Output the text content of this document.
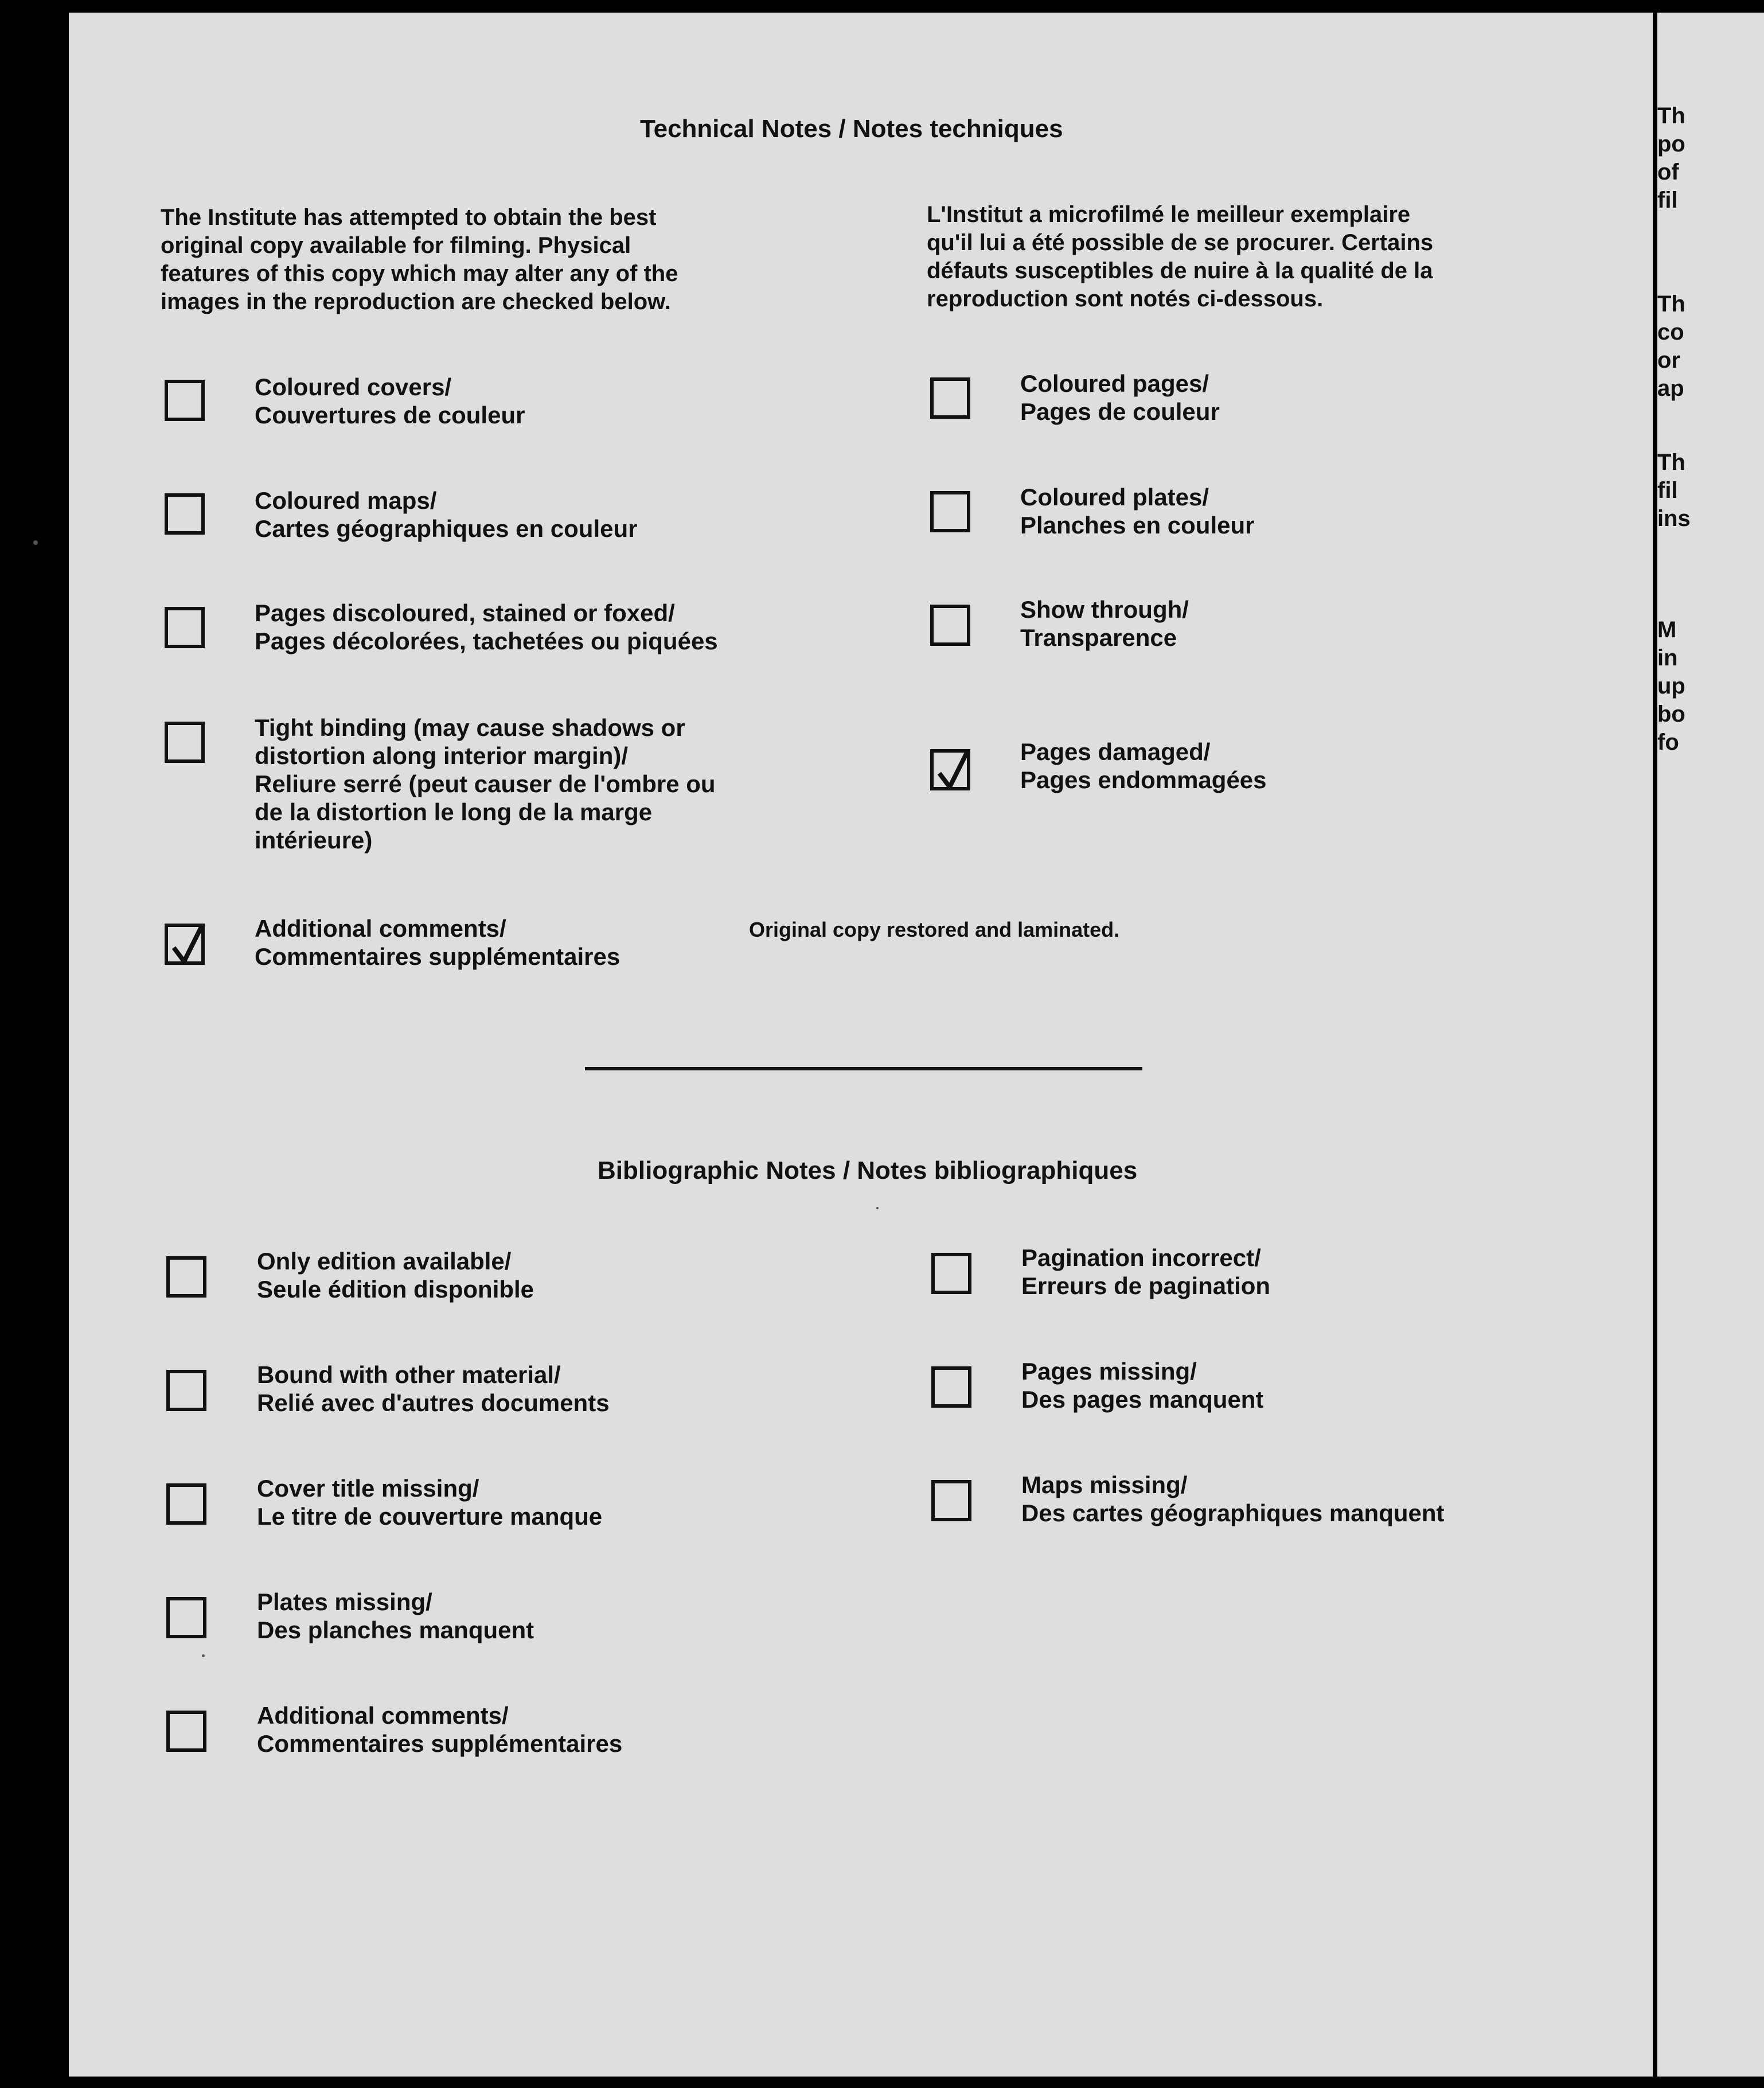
Technical Notes / Notes techniques
The Institute has attempted to obtain the best
original copy available for filming. Physical
features of this copy which may alter any of the
images in the reproduction are checked below.
L'Institut a microfilmé le meilleur exemplaire
qu'il lui a été possible de se procurer. Certains
défauts susceptibles de nuire à la qualité de la
reproduction sont notés ci-dessous.
Coloured covers/
Couvertures de couleur
Coloured maps/
Cartes géographiques en couleur
Pages discoloured, stained or foxed/
Pages décolorées, tachetées ou piquées
Tight binding (may cause shadows or
distortion along interior margin)/
Reliure serré (peut causer de l'ombre ou
de la distortion le long de la marge
intérieure)
Additional comments/
Commentaires supplémentaires
Original copy restored and laminated.
Coloured pages/
Pages de couleur
Coloured plates/
Planches en couleur
Show through/
Transparence
Pages damaged/
Pages endommagées
Bibliographic Notes / Notes bibliographiques
Only edition available/
Seule édition disponible
Bound with other material/
Relié avec d'autres documents
Cover title missing/
Le titre de couverture manque
Plates missing/
Des planches manquent
Additional comments/
Commentaires supplémentaires
Pagination incorrect/
Erreurs de pagination
Pages missing/
Des pages manquent
Maps missing/
Des cartes géographiques manquent
Th
po
of
fil
Th
co
or
ap
Th
fil
ins
M
in
up
bo
fo
